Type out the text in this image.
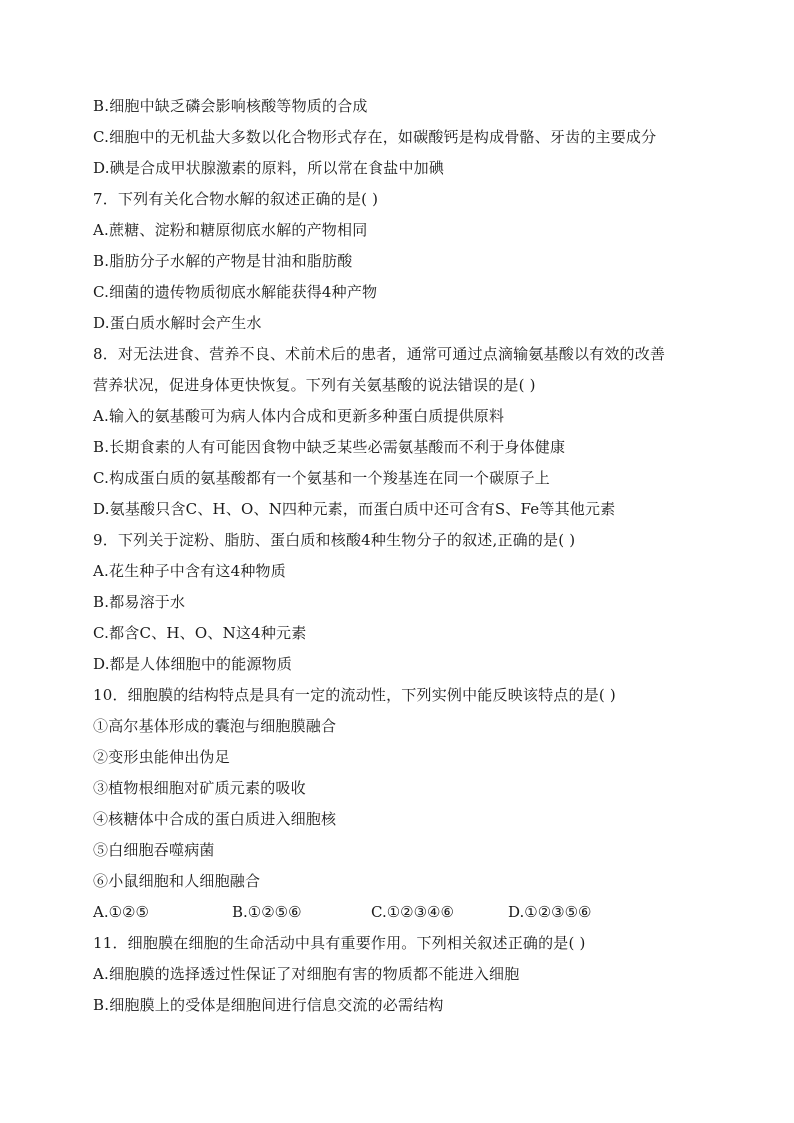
B.细胞中缺乏磷会影响核酸等物质的合成
C.细胞中的无机盐大多数以化合物形式存在，如碳酸钙是构成骨骼、牙齿的主要成分
D.碘是合成甲状腺激素的原料，所以常在食盐中加碘
7．下列有关化合物水解的叙述正确的是( )
A.蔗糖、淀粉和糖原彻底水解的产物相同
B.脂肪分子水解的产物是甘油和脂肪酸
C.细菌的遗传物质彻底水解能获得4种产物
D.蛋白质水解时会产生水
8．对无法进食、营养不良、术前术后的患者，通常可通过点滴输氨基酸以有效的改善
营养状况，促进身体更快恢复。下列有关氨基酸的说法错误的是( )
A.输入的氨基酸可为病人体内合成和更新多种蛋白质提供原料
B.长期食素的人有可能因食物中缺乏某些必需氨基酸而不利于身体健康
C.构成蛋白质的氨基酸都有一个氨基和一个羧基连在同一个碳原子上
D.氨基酸只含C、H、O、N四种元素，而蛋白质中还可含有S、Fe等其他元素
9．下列关于淀粉、脂肪、蛋白质和核酸4种生物分子的叙述,正确的是( )
A.花生种子中含有这4种物质
B.都易溶于水
C.都含C、H、O、N这4种元素
D.都是人体细胞中的能源物质
10．细胞膜的结构特点是具有一定的流动性，下列实例中能反映该特点的是( )
①高尔基体形成的囊泡与细胞膜融合
②变形虫能伸出伪足
③植物根细胞对矿质元素的吸收
④核糖体中合成的蛋白质进入细胞核
⑤白细胞吞噬病菌
⑥小鼠细胞和人细胞融合
A.①②⑤	B.①②⑤⑥	C.①②③④⑥	D.①②③⑤⑥
11．细胞膜在细胞的生命活动中具有重要作用。下列相关叙述正确的是( )
A.细胞膜的选择透过性保证了对细胞有害的物质都不能进入细胞
B.细胞膜上的受体是细胞间进行信息交流的必需结构
